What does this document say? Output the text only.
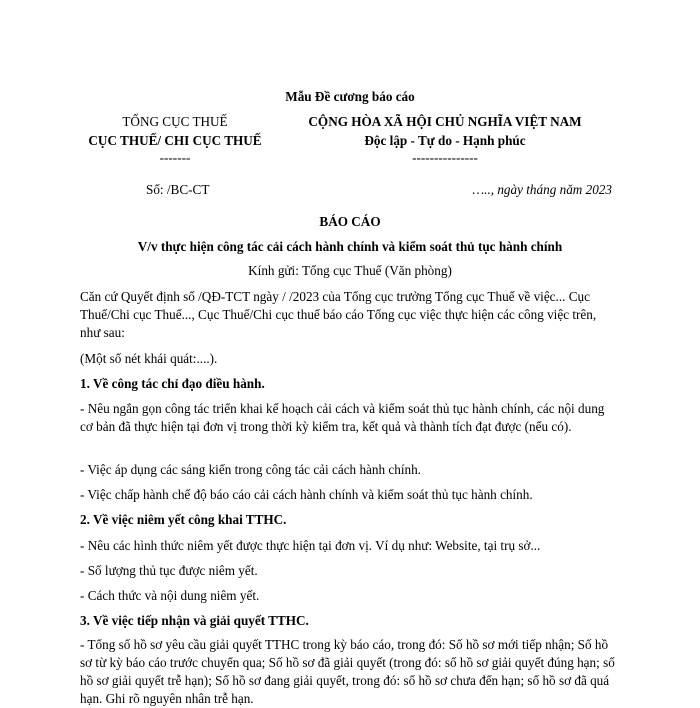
Mẫu Đề cương báo cáo
TỔNG CỤC THUẾ
CỤC THUẾ/ CHI CỤC THUẾ
-------
CỘNG HÒA XÃ HỘI CHỦ NGHĨA VIỆT NAM
Độc lập - Tự do - Hạnh phúc
---------------
Số: /BC-CT	….., ngày tháng năm 2023
BÁO CÁO
V/v thực hiện công tác cải cách hành chính và kiểm soát thủ tục hành chính
Kính gửi: Tổng cục Thuế (Văn phòng)
Căn cứ Quyết định số /QĐ-TCT ngày / /2023 của Tổng cục trưởng Tổng cục Thuế về việc... Cục Thuế/Chi cục Thuế..., Cục Thuế/Chi cục thuế báo cáo Tổng cục việc thực hiện các công việc trên, như sau:
(Một số nét khái quát:....).
1. Về công tác chỉ đạo điều hành.
- Nêu ngắn gọn công tác triển khai kế hoạch cải cách và kiểm soát thủ tục hành chính, các nội dung cơ bản đã thực hiện tại đơn vị trong thời kỳ kiểm tra, kết quả và thành tích đạt được (nếu có).
- Việc áp dụng các sáng kiến trong công tác cải cách hành chính.
- Việc chấp hành chế độ báo cáo cải cách hành chính và kiểm soát thủ tục hành chính.
2. Về việc niêm yết công khai TTHC.
- Nêu các hình thức niêm yết được thực hiện tại đơn vị. Ví dụ như: Website, tại trụ sở...
- Số lượng thủ tục được niêm yết.
- Cách thức và nội dung niêm yết.
3. Về việc tiếp nhận và giải quyết TTHC.
- Tổng số hồ sơ yêu cầu giải quyết TTHC trong kỳ báo cáo, trong đó: Số hồ sơ mới tiếp nhận; Số hồ sơ từ kỳ báo cáo trước chuyển qua; Số hồ sơ đã giải quyết (trong đó: số hồ sơ giải quyết đúng hạn; số hồ sơ giải quyết trễ hạn); Số hồ sơ đang giải quyết, trong đó: số hồ sơ chưa đến hạn; số hồ sơ đã quá hạn. Ghi rõ nguyên nhân trễ hạn.
